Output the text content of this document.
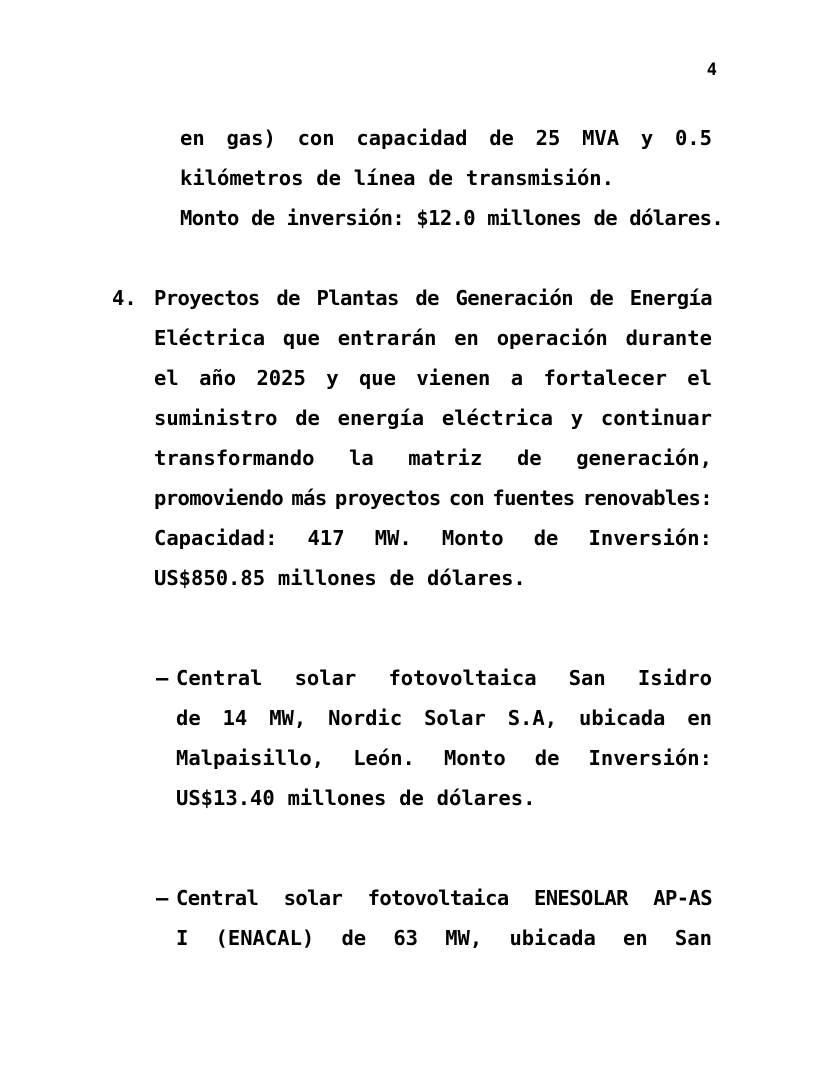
4
en gas) con capacidad de 25 MVA y 0.5
kilómetros de línea de transmisión.
Monto de inversión: $12.0 millones de dólares.
4. Proyectos de Plantas de Generación de Energía
Eléctrica que entrarán en operación durante
el año 2025 y que vienen a fortalecer el
suministro de energía eléctrica y continuar
transformando la matriz de generación,
promoviendo más proyectos con fuentes renovables:
Capacidad: 417 MW. Monto de Inversión:
US$850.85 millones de dólares.
– Central solar fotovoltaica San Isidro
de 14 MW, Nordic Solar S.A, ubicada en
Malpaisillo, León. Monto de Inversión:
US$13.40 millones de dólares.
– Central solar fotovoltaica ENESOLAR AP-AS
I (ENACAL) de 63 MW, ubicada en San
